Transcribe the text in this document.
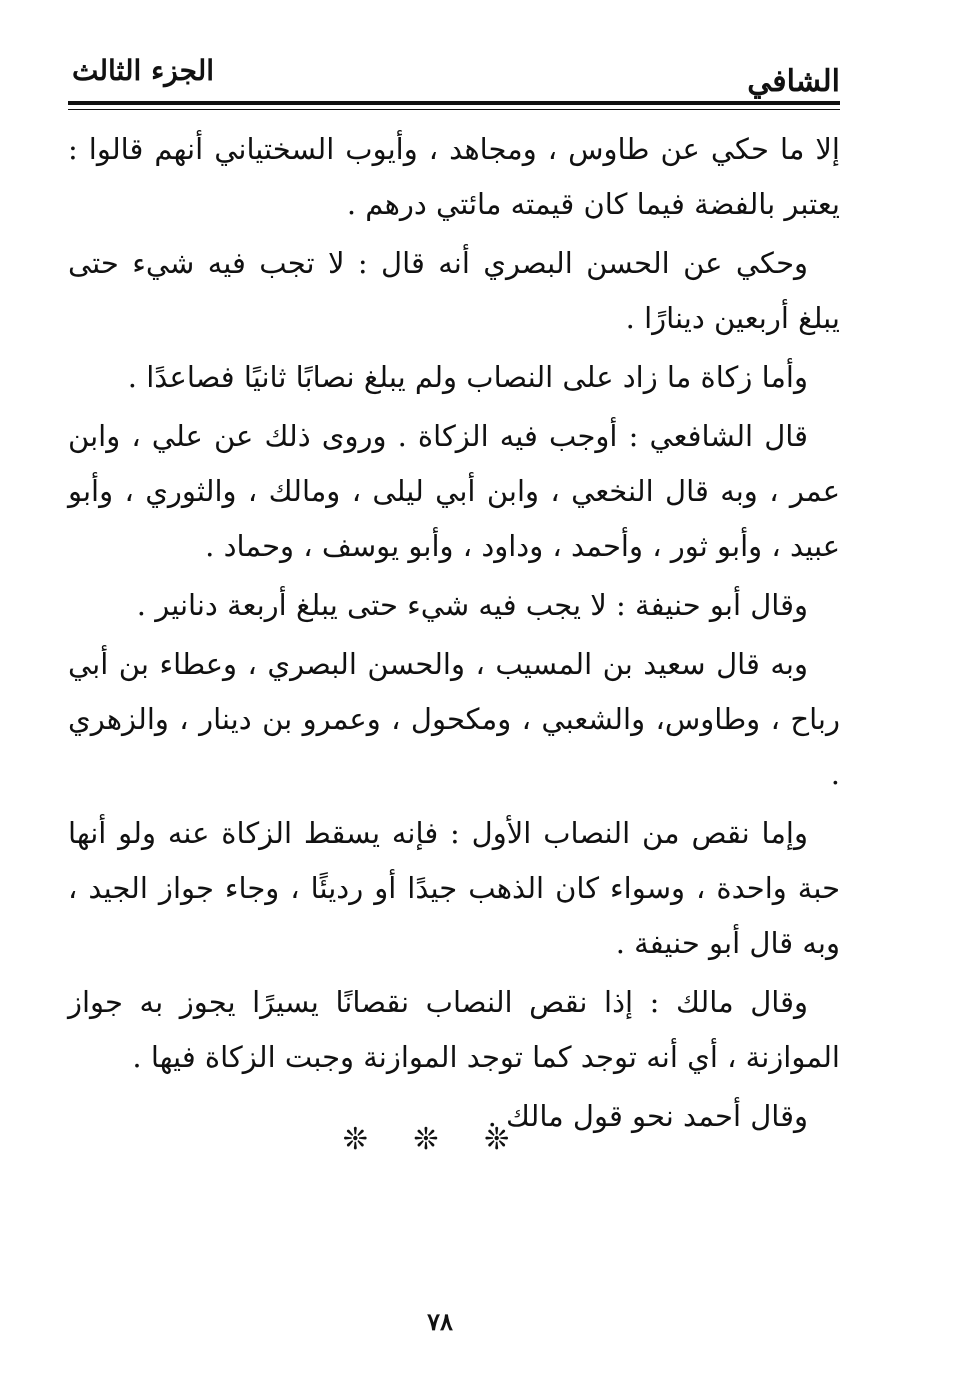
الشافي
الجزء الثالث

إلا ما حكي عن طاوس ، ومجاهد ، وأيوب السختياني أنهم قالوا : يعتبر بالفضة فيما كان قيمته مائتي درهم .

وحكي عن الحسن البصري أنه قال : لا تجب فيه شيء حتى يبلغ أربعين دينارًا .

وأما زكاة ما زاد على النصاب ولم يبلغ نصابًا ثانيًا فصاعدًا .

قال الشافعي : أوجب فيه الزكاة . وروى ذلك عن علي ، وابن عمر ، وبه قال النخعي ، وابن أبي ليلى ، ومالك ، والثوري ، وأبو عبيد ، وأبو ثور ، وأحمد ، وداود ، وأبو يوسف ، وحماد .

وقال أبو حنيفة : لا يجب فيه شيء حتى يبلغ أربعة دنانير .

وبه قال سعيد بن المسيب ، والحسن البصري ، وعطاء بن أبي رباح ، وطاوس، والشعبي ، ومكحول ، وعمرو بن دينار ، والزهري .

وإما نقص من النصاب الأول : فإنه يسقط الزكاة عنه ولو أنها حبة واحدة ، وسواء كان الذهب جيدًا أو رديئًا ، وجاء جواز الجيد ، وبه قال أبو حنيفة .

وقال مالك : إذا نقص النصاب نقصانًا يسيرًا يجوز به جواز الموازنة ، أي أنه توجد كما توجد الموازنة وجبت الزكاة فيها .

وقال أحمد نحو قول مالك .

❊ ❊ ❊
٧٨
